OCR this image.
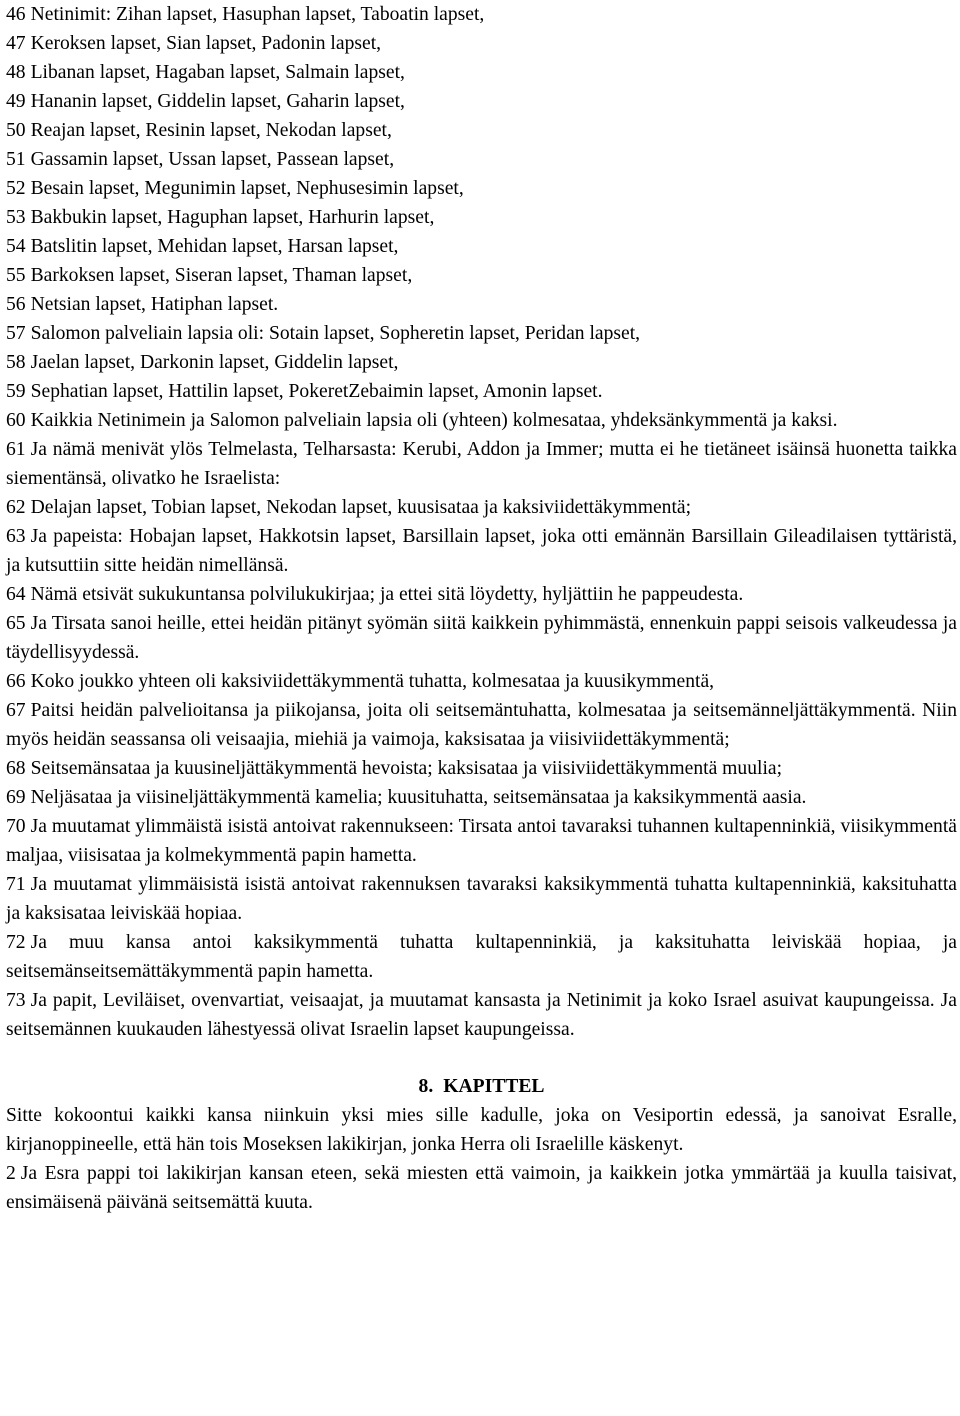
46 Netinimit: Zihan lapset, Hasuphan lapset, Taboatin lapset,
47 Keroksen lapset, Sian lapset, Padonin lapset,
48 Libanan lapset, Hagaban lapset, Salmain lapset,
49 Hananin lapset, Giddelin lapset, Gaharin lapset,
50 Reajan lapset, Resinin lapset, Nekodan lapset,
51 Gassamin lapset, Ussan lapset, Passean lapset,
52 Besain lapset, Megunimin lapset, Nephusesimin lapset,
53 Bakbukin lapset, Haguphan lapset, Harhurin lapset,
54 Batslitin lapset, Mehidan lapset, Harsan lapset,
55 Barkoksen lapset, Siseran lapset, Thaman lapset,
56 Netsian lapset, Hatiphan lapset.
57 Salomon palveliain lapsia oli: Sotain lapset, Sopheretin lapset, Peridan lapset,
58 Jaelan lapset, Darkonin lapset, Giddelin lapset,
59 Sephatian lapset, Hattilin lapset, PokeretZebaimin lapset, Amonin lapset.
60 Kaikkia Netinimein ja Salomon palveliain lapsia oli (yhteen) kolmesataa, yhdeksänkymmentä ja kaksi.
61 Ja nämä menivät ylös Telmelasta, Telharsasta: Kerubi, Addon ja Immer; mutta ei he tietäneet isäinsä huonetta taikka siementänsä, olivatko he Israelista:
62 Delajan lapset, Tobian lapset, Nekodan lapset, kuusisataa ja kaksiviidettäkymmentä;
63 Ja papeista: Hobajan lapset, Hakkotsin lapset, Barsillain lapset, joka otti emännän Barsillain Gileadilaisen tyttäristä, ja kutsuttiin sitte heidän nimellänsä.
64 Nämä etsivät sukukuntansa polvilukukirjaa; ja ettei sitä löydetty, hyljättiin he pappeudesta.
65 Ja Tirsata sanoi heille, ettei heidän pitänyt syömän siitä kaikkein pyhimmästä, ennenkuin pappi seisois valkeudessa ja täydellisyydessä.
66 Koko joukko yhteen oli kaksiviidettäkymmentä tuhatta, kolmesataa ja kuusikymmentä,
67 Paitsi heidän palvelioitansa ja piikojansa, joita oli seitsemäntuhatta, kolmesataa ja seitsemänneljättäkymmentä. Niin myös heidän seassansa oli veisaajia, miehiä ja vaimoja, kaksisataa ja viisiviidettäkymmentä;
68 Seitsemänsataa ja kuusineljättäkymmentä hevoista; kaksisataa ja viisiviidettäkymmentä muulia;
69 Neljäsataa ja viisineljättäkymmentä kamelia; kuusituhatta, seitsemänsataa ja kaksikymmentä aasia.
70 Ja muutamat ylimmäistä isistä antoivat rakennukseen: Tirsata antoi tavaraksi tuhannen kultapenninkiä, viisikymmentä maljaa, viisisataa ja kolmekymmentä papin hametta.
71 Ja muutamat ylimmäisistä isistä antoivat rakennuksen tavaraksi kaksikymmentä tuhatta kultapenninkiä, kaksituhatta ja kaksisataa leiviskää hopiaa.
72 Ja muu kansa antoi kaksikymmentä tuhatta kultapenninkiä, ja kaksituhatta leiviskää hopiaa, ja seitsemänseitsemättäkymmentä papin hametta.
73 Ja papit, Leviläiset, ovenvartiat, veisaajat, ja muutamat kansasta ja Netinimit ja koko Israel asuivat kaupungeissa. Ja seitsemännen kuukauden lähestyessä olivat Israelin lapset kaupungeissa.
8. KAPITTEL
Sitte kokoontui kaikki kansa niinkuin yksi mies sille kadulle, joka on Vesiportin edessä, ja sanoivat Esralle, kirjanoppineelle, että hän tois Moseksen lakikirjan, jonka Herra oli Israelille käskenyt.
2 Ja Esra pappi toi lakikirjan kansan eteen, sekä miesten että vaimoin, ja kaikkein jotka ymmärtää ja kuulla taisivat, ensimäisenä päivänä seitsemättä kuuta.
